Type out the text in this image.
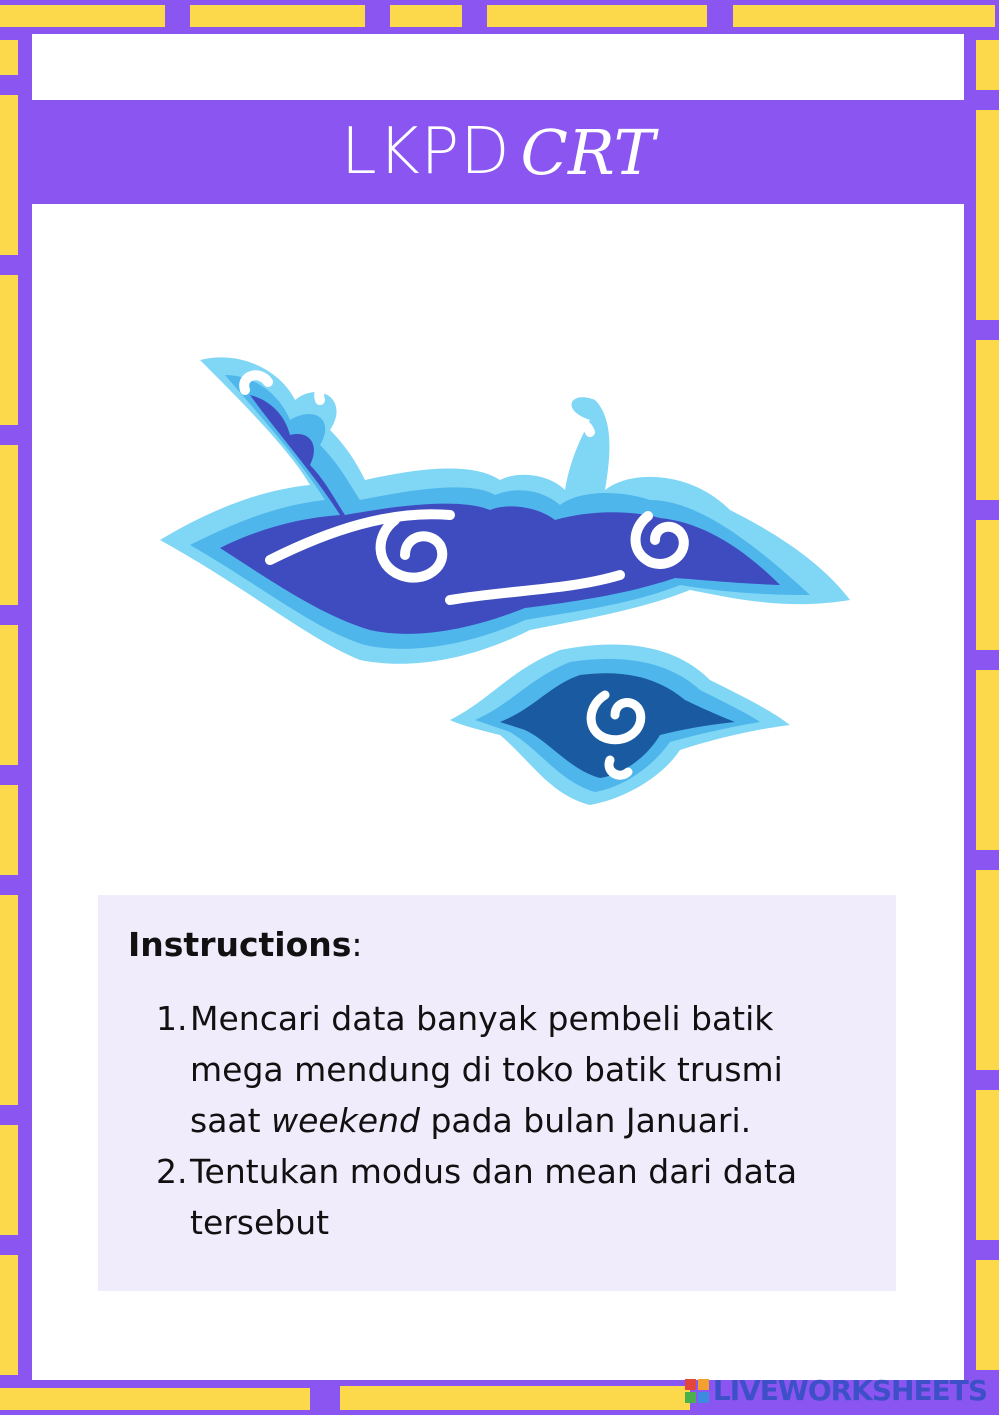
LKPD CRT
Instructions:
1. Mencari data banyak pembeli batik mega mendung di toko batik trusmi saat weekend pada bulan Januari.
2. Tentukan modus dan mean dari data tersebut
LIVEWORKSHEETS
